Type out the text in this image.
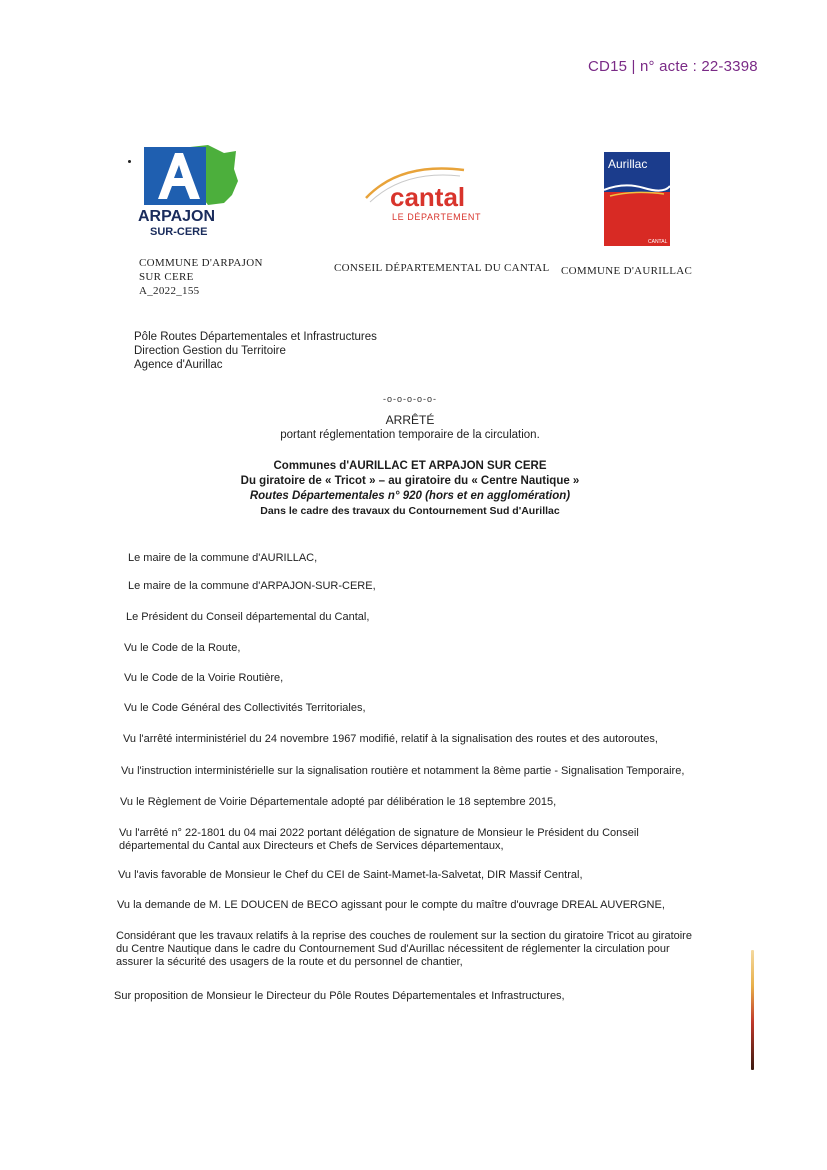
CD15 | n° acte : 22-3398
ARPAJON
SUR-CERE
cantal
LE DÉPARTEMENT
Aurillac
CANTAL
COMMUNE D'ARPAJON
SUR CERE
A_2022_155
CONSEIL DÉPARTEMENTAL DU CANTAL COMMUNE D'AURILLAC
Pôle Routes Départementales et Infrastructures
Direction Gestion du Territoire
Agence d'Aurillac
-o-o-o-o-o-
ARRÊTÉ
portant réglementation temporaire de la circulation.
Communes d'AURILLAC ET ARPAJON SUR CERE
Du giratoire de « Tricot » – au giratoire du « Centre Nautique »
Routes Départementales n° 920 (hors et en agglomération)
Dans le cadre des travaux du Contournement Sud d'Aurillac
Le maire de la commune d'AURILLAC,
Le maire de la commune d'ARPAJON-SUR-CERE,
Le Président du Conseil départemental du Cantal,
Vu le Code de la Route,
Vu le Code de la Voirie Routière,
Vu le Code Général des Collectivités Territoriales,
Vu l'arrêté interministériel du 24 novembre 1967 modifié, relatif à la signalisation des routes et des autoroutes,
Vu l'instruction interministérielle sur la signalisation routière et notamment la 8ème partie - Signalisation Temporaire,
Vu le Règlement de Voirie Départementale adopté par délibération le 18 septembre 2015,
Vu l'arrêté n° 22-1801 du 04 mai 2022 portant délégation de signature de Monsieur le Président du Conseil
départemental du Cantal aux Directeurs et Chefs de Services départementaux,
Vu l'avis favorable de Monsieur le Chef du CEI de Saint-Mamet-la-Salvetat, DIR Massif Central,
Vu la demande de M. LE DOUCEN de BECO agissant pour le compte du maître d'ouvrage DREAL AUVERGNE,
Considérant que les travaux relatifs à la reprise des couches de roulement sur la section du giratoire Tricot au giratoire
du Centre Nautique dans le cadre du Contournement Sud d'Aurillac nécessitent de réglementer la circulation pour
assurer la sécurité des usagers de la route et du personnel de chantier,
Sur proposition de Monsieur le Directeur du Pôle Routes Départementales et Infrastructures,
